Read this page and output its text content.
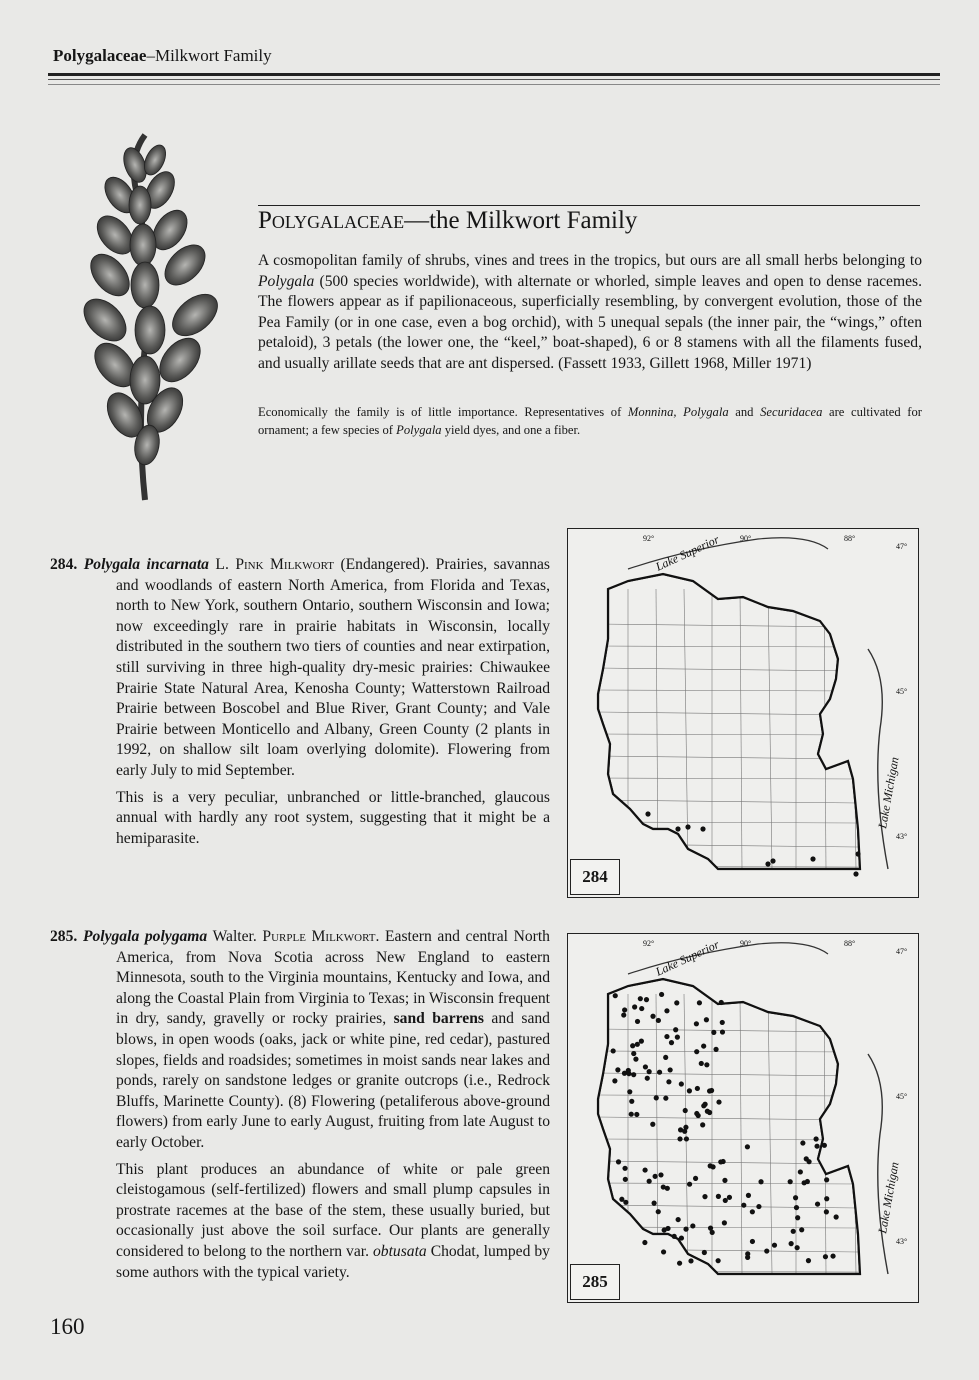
Polygalaceae–Milkwort Family
Polygalaceae—the Milkwort Family
A cosmopolitan family of shrubs, vines and trees in the tropics, but ours are all small herbs belonging to Polygala (500 species worldwide), with alternate or whorled, simple leaves and open to dense racemes. The flowers appear as if papilionaceous, superficially resembling, by convergent evolution, those of the Pea Family (or in one case, even a bog orchid), with 5 unequal sepals (the inner pair, the “wings,” often petaloid), 3 petals (the lower one, the “keel,” boat-shaped), 6 or 8 stamens with all the filaments fused, and usually arillate seeds that are ant dispersed. (Fassett 1933, Gillett 1968, Miller 1971)
Economically the family is of little importance. Representatives of Monnina, Polygala and Securidacea are cultivated for ornament; a few species of Polygala yield dyes, and one a fiber.

284. Polygala incarnata L. Pink Milkwort (Endangered). Prairies, savannas and woodlands of eastern North America, from Florida and Texas, north to New York, southern Ontario, southern Wisconsin and Iowa; now exceedingly rare in prairie habitats in Wisconsin, locally distributed in the southern two tiers of counties and near extirpation, still surviving in three high-quality dry-mesic prairies: Chiwaukee Prairie State Natural Area, Kenosha County; Watterstown Railroad Prairie between Boscobel and Blue River, Grant County; and Vale Prairie between Monticello and Albany, Green County (2 plants in 1992, on shallow silt loam overlying dolomite). Flowering from early July to mid September.

This is a very peculiar, unbranched or little-branched, glaucous annual with hardly any root system, suggesting that it might be a hemiparasite.

285. Polygala polygama Walter. Purple Milkwort. Eastern and central North America, from Nova Scotia across New England to eastern Minnesota, south to the Virginia mountains, Kentucky and Iowa, and along the Coastal Plain from Virginia to Texas; in Wisconsin frequent in dry, sandy, gravelly or rocky prairies, sand barrens and sand blows, in open woods (oaks, jack or white pine, red cedar), pastured slopes, fields and roadsides; sometimes in moist sands near lakes and ponds, rarely on sandstone ledges or granite outcrops (i.e., Redrock Bluffs, Marinette County). (8) Flowering (petaliferous above-ground flowers) from early June to early August, fruiting from late August to early October.

This plant produces an abundance of white or pale green cleistogamous (self-fertilized) flowers and small plump capsules in prostrate racemes at the base of the stem, these usually buried, but occasionally just above the soil surface. Our plants are generally considered to belong to the northern var. obtusata Chodat, lumped by some authors with the typical variety.
Lake Superior
Lake Michigan
92°	90°	88°
47°
45°
43°
284
Lake Superior
Lake Michigan
92°	90°	88°
47°
45°
43°
285
160
